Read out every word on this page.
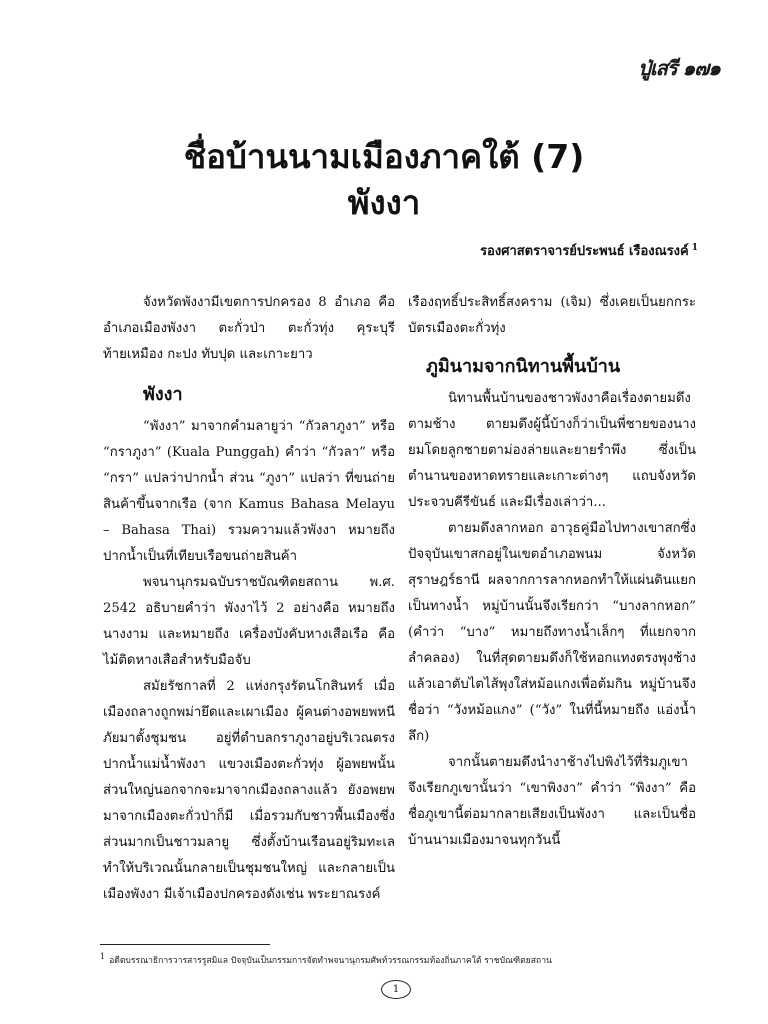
ปู่เสรี ๑๗๑
ชื่อบ้านนามเมืองภาคใต้ (7)
พังงา
รองศาสตราจารย์ประพนธ์ เรืองณรงค์ $^1$

จังหวัดพังงามีเขตการปกครอง 8 อำเภอ คือ อำเภอเมืองพังงา ตะกั่วป่า ตะกั่วทุ่ง คุระบุรี ท้ายเหมือง กะปง ทับปุด และเกาะยาว

พังงา

“พังงา” มาจากคำมลายูว่า “กัวลาภูงา” หรือ “กราภูงา” (Kuala Punggah) คำว่า “กัวลา” หรือ “กรา” แปลว่าปากน้ำ ส่วน “ภูงา” แปลว่า ที่ขนถ่ายสินค้าขึ้นจากเรือ (จาก Kamus Bahasa Melayu – Bahasa Thai) รวมความแล้วพังงา หมายถึง ปากน้ำเป็นที่เทียบเรือขนถ่ายสินค้า

พจนานุกรมฉบับราชบัณฑิตยสถาน พ.ศ. 2542 อธิบายคำว่า พังงาไว้ 2 อย่างคือ หมายถึง นางงาม และหมายถึง เครื่องบังคับหางเสือเรือ คือ ไม้ติดหางเสือสำหรับมือจับ

สมัยรัชกาลที่ 2 แห่งกรุงรัตนโกสินทร์ เมื่อเมืองถลางถูกพม่ายึดและเผาเมือง ผู้คนต่างอพยพหนีภัยมาตั้งชุมชน อยู่ที่ตำบลกราภูงาอยู่บริเวณตรงปากน้ำแม่น้ำพังงา แขวงเมืองตะกั่วทุ่ง ผู้อพยพนั้นส่วนใหญ่นอกจากจะมาจากเมืองถลางแล้ว ยังอพยพมาจากเมืองตะกั่วป่าก็มี เมื่อรวมกับชาวพื้นเมืองซึ่งส่วนมากเป็นชาวมลายู ซึ่งตั้งบ้านเรือนอยู่ริมทะเล ทำให้บริเวณนั้นกลายเป็นชุมชนใหญ่ และกลายเป็นเมืองพังงา มีเจ้าเมืองปกครองดังเช่น พระยาณรงค์

เรืองฤทธิ์ประสิทธิ์สงคราม (เจิม) ซึ่งเคยเป็นยกกระบัตรเมืองตะกั่วทุ่ง

ภูมินามจากนิทานพื้นบ้าน

นิทานพื้นบ้านของชาวพังงาคือเรื่องตายมดึงตามช้าง ตายมดึงผู้นี้บ้างก็ว่าเป็นพี่ชายของนางยมโดยลูกชายตาม่องล่ายและยายรำพึง ซึ่งเป็นตำนานของหาดทรายและเกาะต่างๆ แถบจังหวัดประจวบคีรีขันธ์ และมีเรื่องเล่าว่า...

ตายมดึงลากหอก อาวุธคู่มือไปทางเขาสกซึ่งปัจจุบันเขาสกอยู่ในเขตอำเภอพนม จังหวัดสุราษฎร์ธานี ผลจากการลากหอกทำให้แผ่นดินแยกเป็นทางน้ำ หมู่บ้านนั้นจึงเรียกว่า “บางลากหอก” (คำว่า “บาง” หมายถึงทางน้ำเล็กๆ ที่แยกจากลำคลอง) ในที่สุดตายมดึงก็ใช้หอกแทงตรงพุงช้างแล้วเอาตับไตไส้พุงใส่หม้อแกงเพื่อต้มกิน หมู่บ้านจึงชื่อว่า “วังหม้อแกง” (“วัง” ในที่นี้หมายถึง แอ่งน้ำลึก)

จากนั้นตายมดึงนำงาช้างไปพิงไว้ที่ริมภูเขาจึงเรียกภูเขานั้นว่า “เขาพิงงา” คำว่า “พิงงา” คือชื่อภูเขานี้ต่อมากลายเสียงเป็นพังงา และเป็นชื่อบ้านนามเมืองมาจนทุกวันนี้

$^1$ อดีตบรรณาธิการวารสารรูสมิแล ปัจจุบันเป็นกรรมการจัดทำพจนานุกรมศัพท์วรรณกรรมท้องถิ่นภาคใต้ ราชบัณฑิตยสถาน
1
